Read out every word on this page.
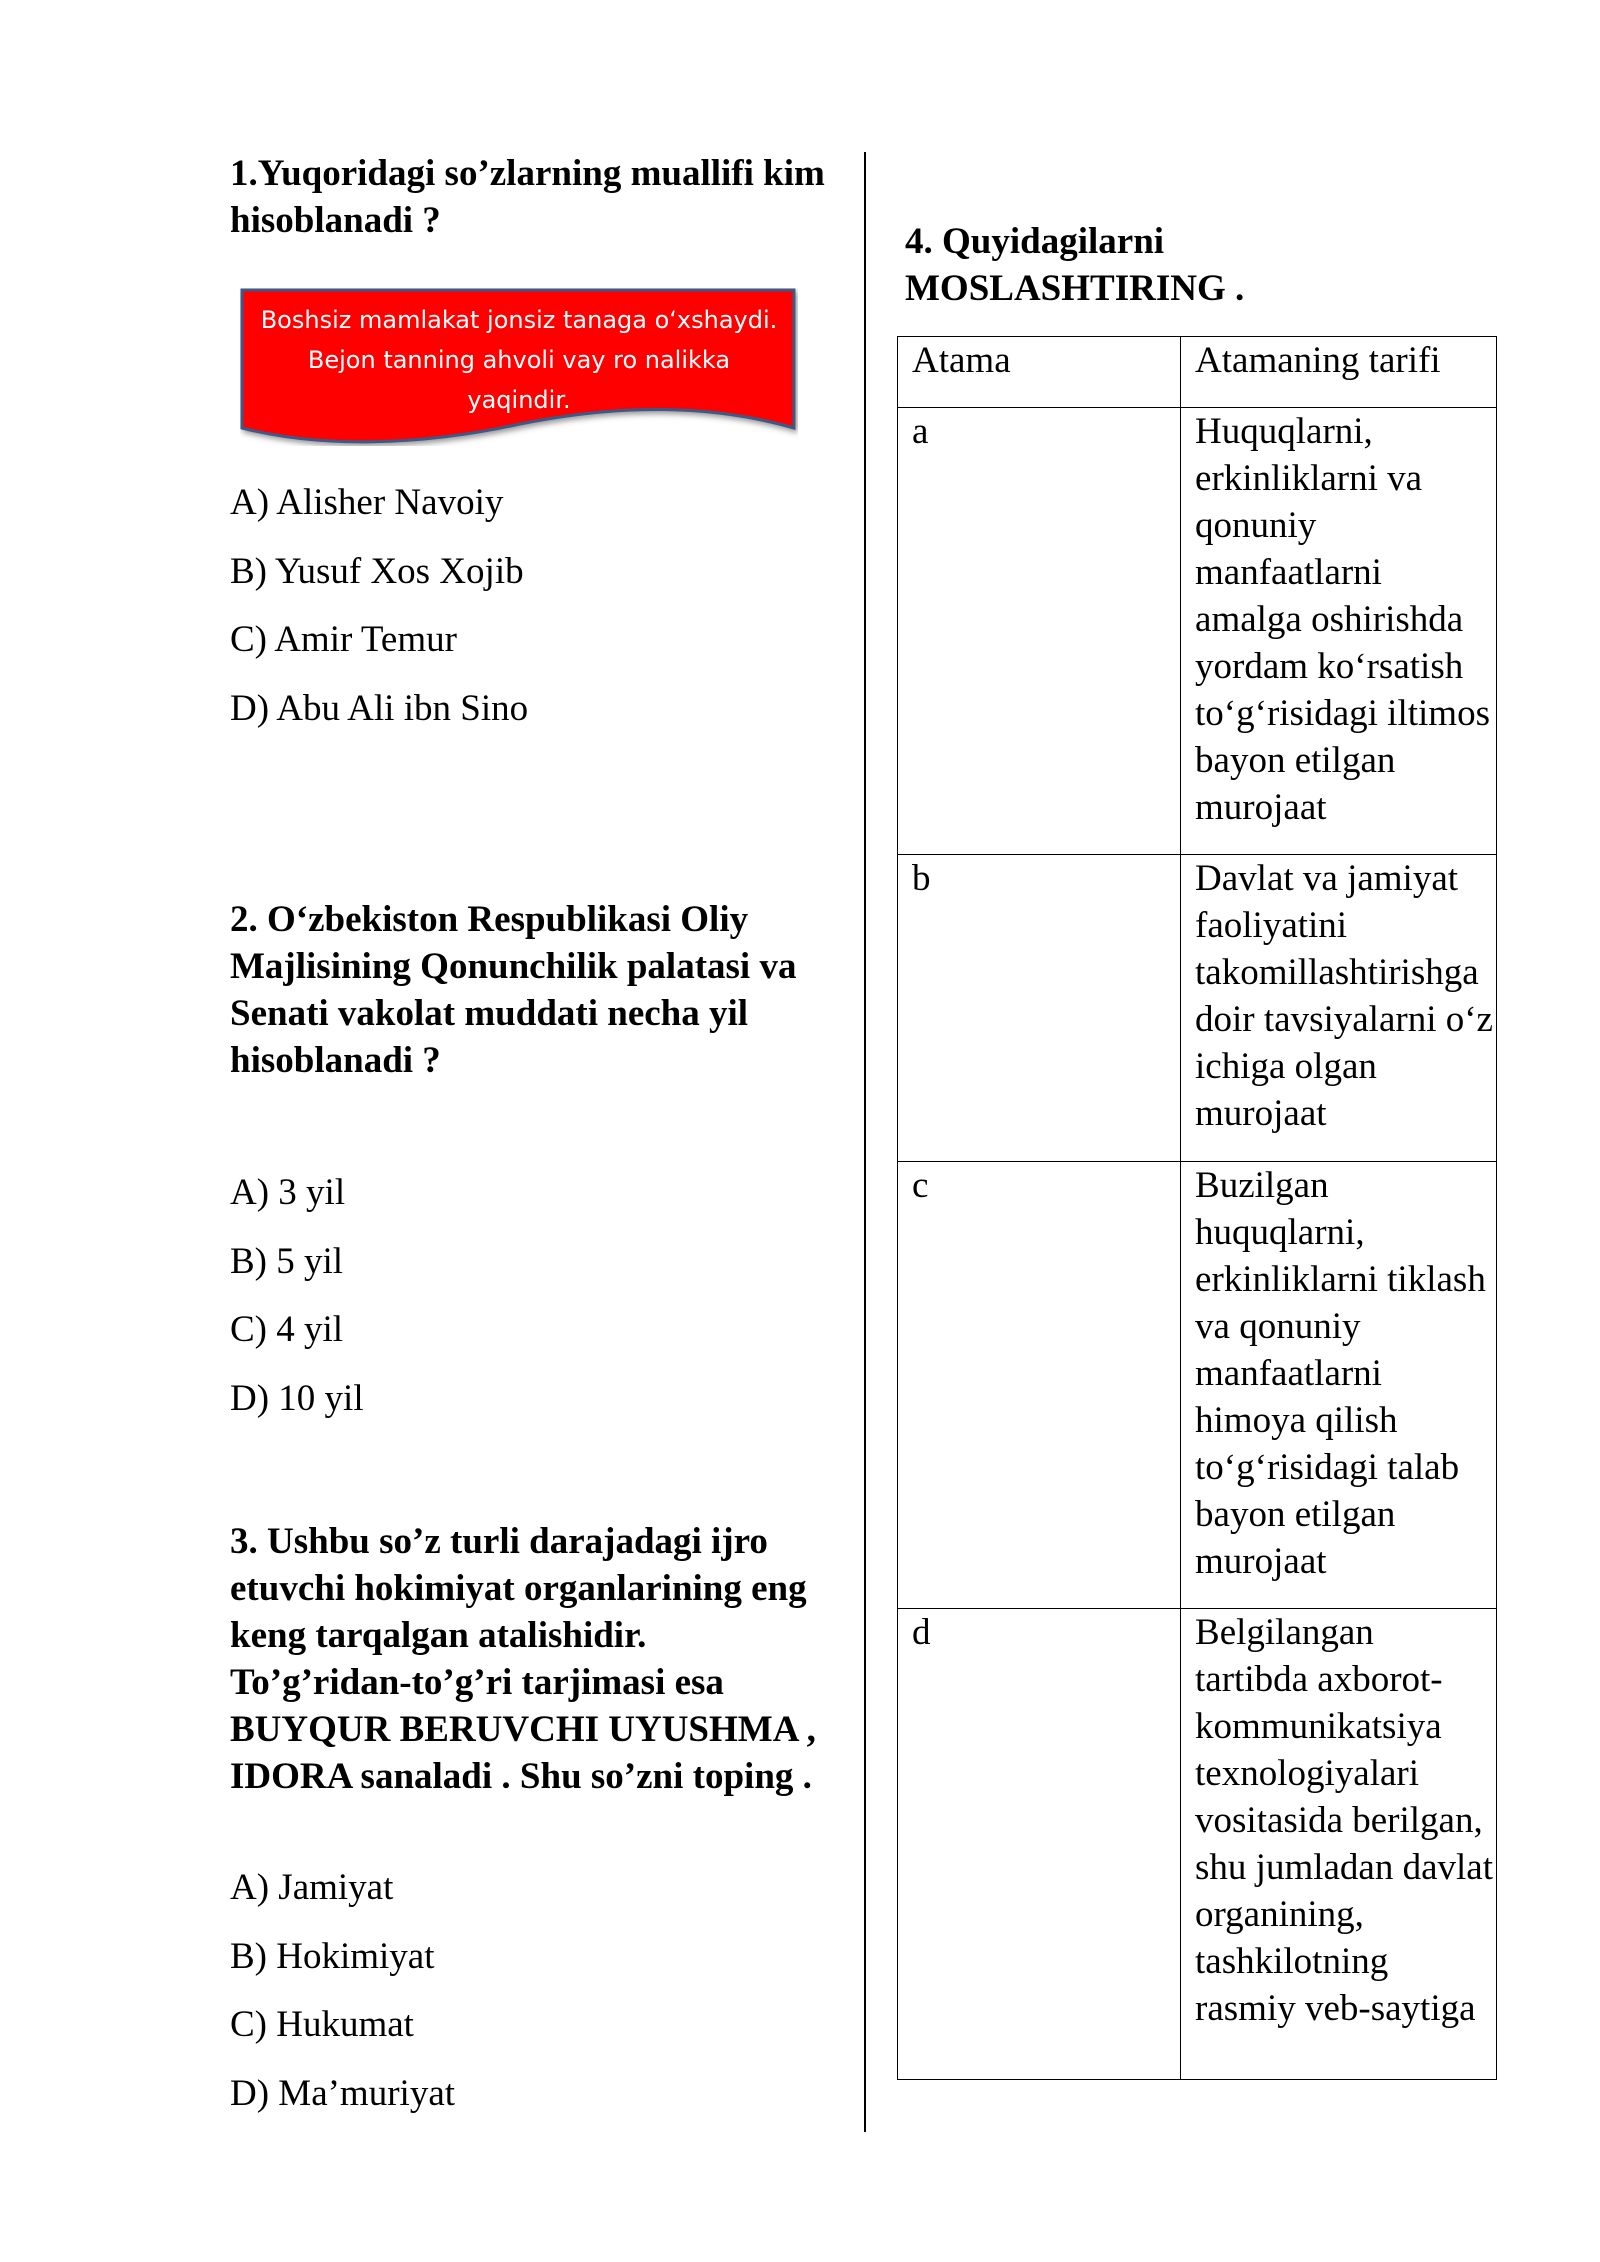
1.Yuqoridagi so’zlarning muallifi kim hisoblanadi ?

Boshsiz mamlakat jonsiz tanaga o‘xshaydi.
Bejon tanning ahvoli vay ro nalikka
yaqindir.
A) Alisher Navoiy
B) Yusuf Xos Xojib
C) Amir Temur
D) Abu Ali ibn Sino

2. O‘zbekiston Respublikasi Oliy Majlisining Qonunchilik palatasi va Senati vakolat muddati necha yil hisoblanadi ?

A) 3 yil
B) 5 yil
C) 4 yil
D) 10 yil

3. Ushbu so’z turli darajadagi ijro etuvchi hokimiyat organlarining eng keng tarqalgan atalishidir. To’g’ridan-to’g’ri tarjimasi esa BUYQUR BERUVCHI UYUSHMA , IDORA sanaladi . Shu so’zni toping .

A) Jamiyat
B) Hokimiyat
C) Hukumat
D) Ma’muriyat
4. Quyidagilarni
MOSLASHTIRING .
Atama	Atamaning tarifi
a	Huquqlarni, erkinliklarni va qonuniy manfaatlarni amalga oshirishda yordam ko‘rsatish to‘g‘risidagi iltimos bayon etilgan murojaat
b	Davlat va jamiyat faoliyatini takomillashtirishga doir tavsiyalarni o‘z ichiga olgan murojaat
c	Buzilgan huquqlarni, erkinliklarni tiklash va qonuniy manfaatlarni himoya qilish to‘g‘risidagi talab bayon etilgan murojaat
d	Belgilangan tartibda axborot-kommunikatsiya texnologiyalari vositasida berilgan, shu jumladan davlat organining, tashkilotning rasmiy veb-saytiga
